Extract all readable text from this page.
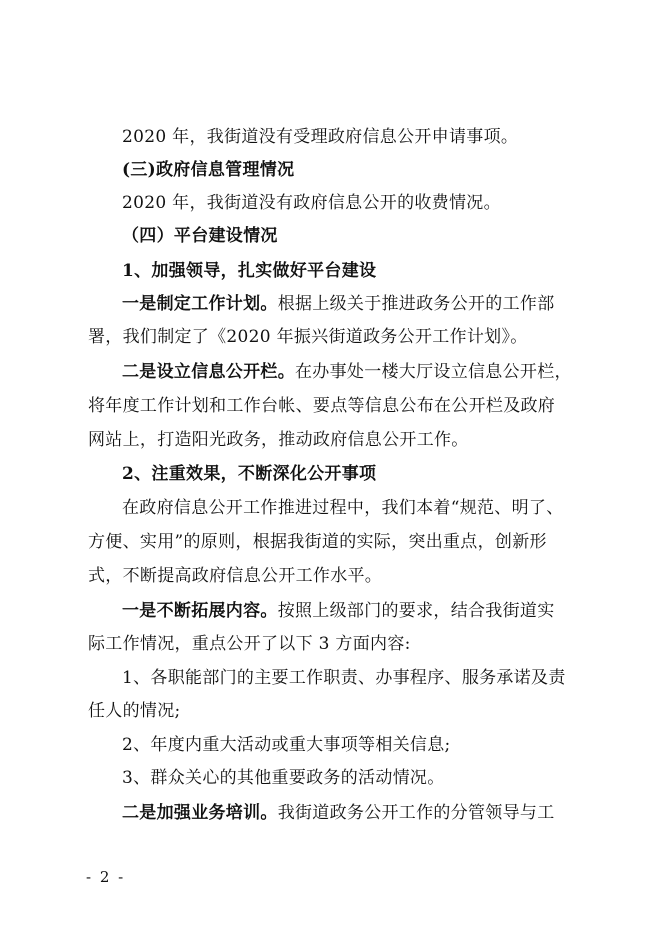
2020 年，我街道没有受理政府信息公开申请事项。
(三)政府信息管理情况
2020 年，我街道没有政府信息公开的收费情况。
（四）平台建设情况
1、加强领导，扎实做好平台建设
一是制定工作计划。根据上级关于推进政务公开的工作部
署，我们制定了《2020 年振兴街道政务公开工作计划》。
二是设立信息公开栏。在办事处一楼大厅设立信息公开栏，
将年度工作计划和工作台帐、要点等信息公布在公开栏及政府
网站上，打造阳光政务，推动政府信息公开工作。
2、注重效果，不断深化公开事项
在政府信息公开工作推进过程中，我们本着“规范、明了、
方便、实用”的原则，根据我街道的实际，突出重点，创新形
式，不断提高政府信息公开工作水平。
一是不断拓展内容。按照上级部门的要求，结合我街道实
际工作情况，重点公开了以下 3 方面内容:
1、各职能部门的主要工作职责、办事程序、服务承诺及责
任人的情况;
2、年度内重大活动或重大事项等相关信息;
3、群众关心的其他重要政务的活动情况。
二是加强业务培训。我街道政务公开工作的分管领导与工
- 2 -
